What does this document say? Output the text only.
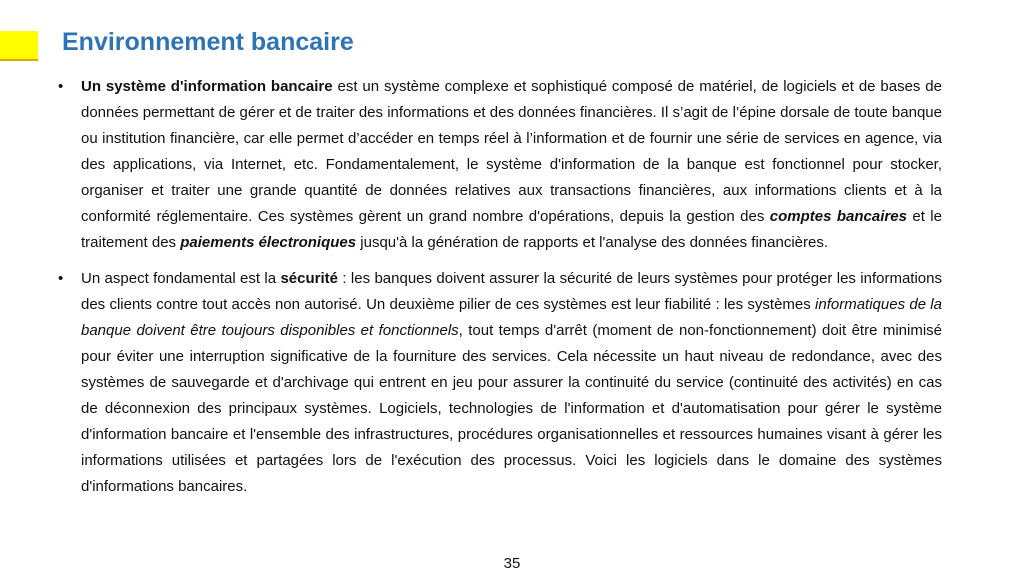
Environnement bancaire

•	Un système d'information bancaire est un système complexe et sophistiqué composé de matériel, de logiciels et de bases de données permettant de gérer et de traiter des informations et des données financières. Il s’agit de l’épine dorsale de toute banque ou institution financière, car elle permet d’accéder en temps réel à l’information et de fournir une série de services en agence, via des applications, via Internet, etc. Fondamentalement, le système d'information de la banque est fonctionnel pour stocker, organiser et traiter une grande quantité de données relatives aux transactions financières, aux informations clients et à la conformité réglementaire. Ces systèmes gèrent un grand nombre d'opérations, depuis la gestion des comptes bancaires et le traitement des paiements électroniques jusqu'à la génération de rapports et l'analyse des données financières.

•	Un aspect fondamental est la sécurité : les banques doivent assurer la sécurité de leurs systèmes pour protéger les informations des clients contre tout accès non autorisé. Un deuxième pilier de ces systèmes est leur fiabilité : les systèmes informatiques de la banque doivent être toujours disponibles et fonctionnels, tout temps d'arrêt (moment de non-fonctionnement) doit être minimisé pour éviter une interruption significative de la fourniture des services. Cela nécessite un haut niveau de redondance, avec des systèmes de sauvegarde et d'archivage qui entrent en jeu pour assurer la continuité du service (continuité des activités) en cas de déconnexion des principaux systèmes. Logiciels, technologies de l'information et d'automatisation pour gérer le système d'information bancaire et l'ensemble des infrastructures, procédures organisationnelles et ressources humaines visant à gérer les informations utilisées et partagées lors de l'exécution des processus. Voici les logiciels dans le domaine des systèmes d'informations bancaires.

35
